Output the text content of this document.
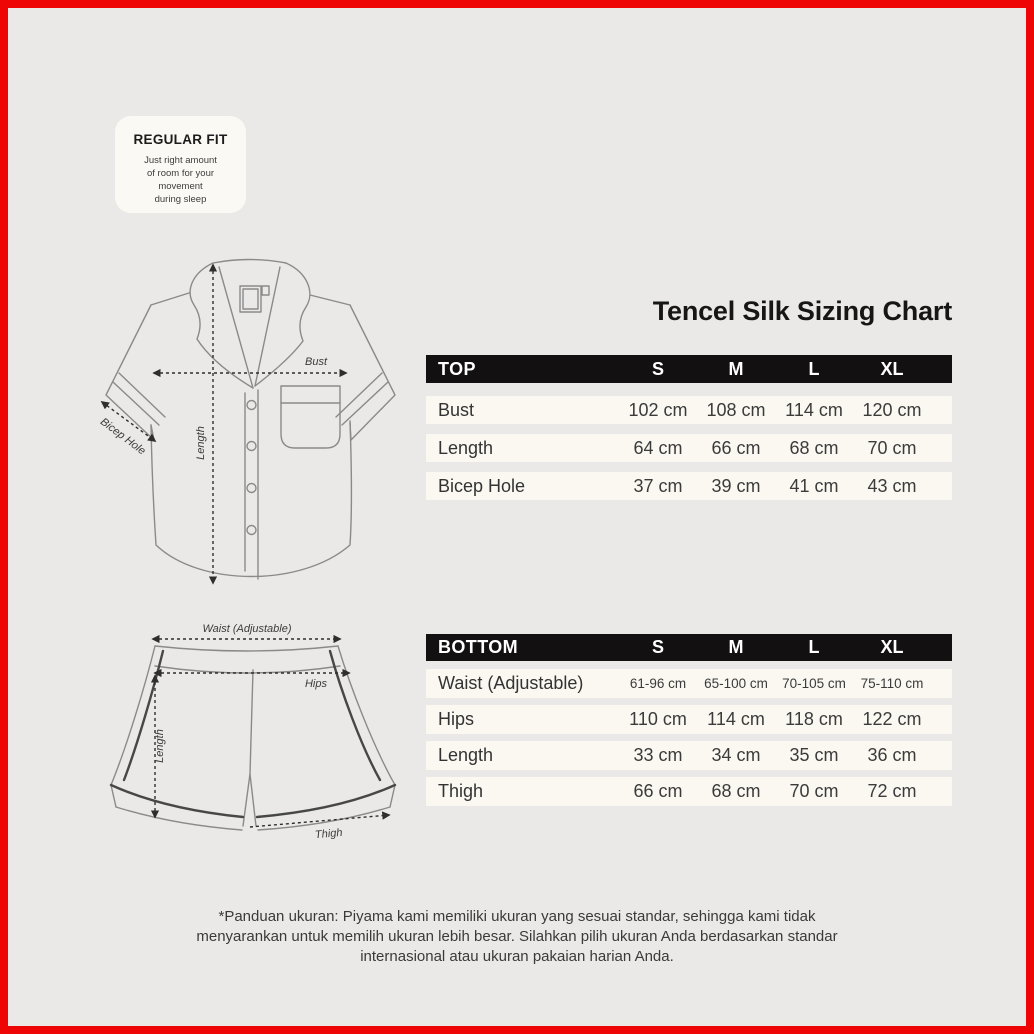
REGULAR FIT
Just right amount
of room for your
movement
during sleep
Bust
Length
Bicep Hole
Waist (Adjustable)
Hips
Length
Thigh
Tencel Silk Sizing Chart
TOP	S	M	L	XL
Bust	102 cm	108 cm	114 cm	120 cm
Length	64 cm	66 cm	68 cm	70 cm
Bicep Hole	37 cm	39 cm	41 cm	43 cm
BOTTOM	S	M	L	XL
Waist (Adjustable)	61-96 cm	65-100 cm	70-105 cm	75-110 cm
Hips	110 cm	114 cm	118 cm	122 cm
Length	33 cm	34 cm	35 cm	36 cm
Thigh	66 cm	68 cm	70 cm	72 cm
*Panduan ukuran: Piyama kami memiliki ukuran yang sesuai standar, sehingga kami tidak
menyarankan untuk memilih ukuran lebih besar. Silahkan pilih ukuran Anda berdasarkan standar
internasional atau ukuran pakaian harian Anda.
